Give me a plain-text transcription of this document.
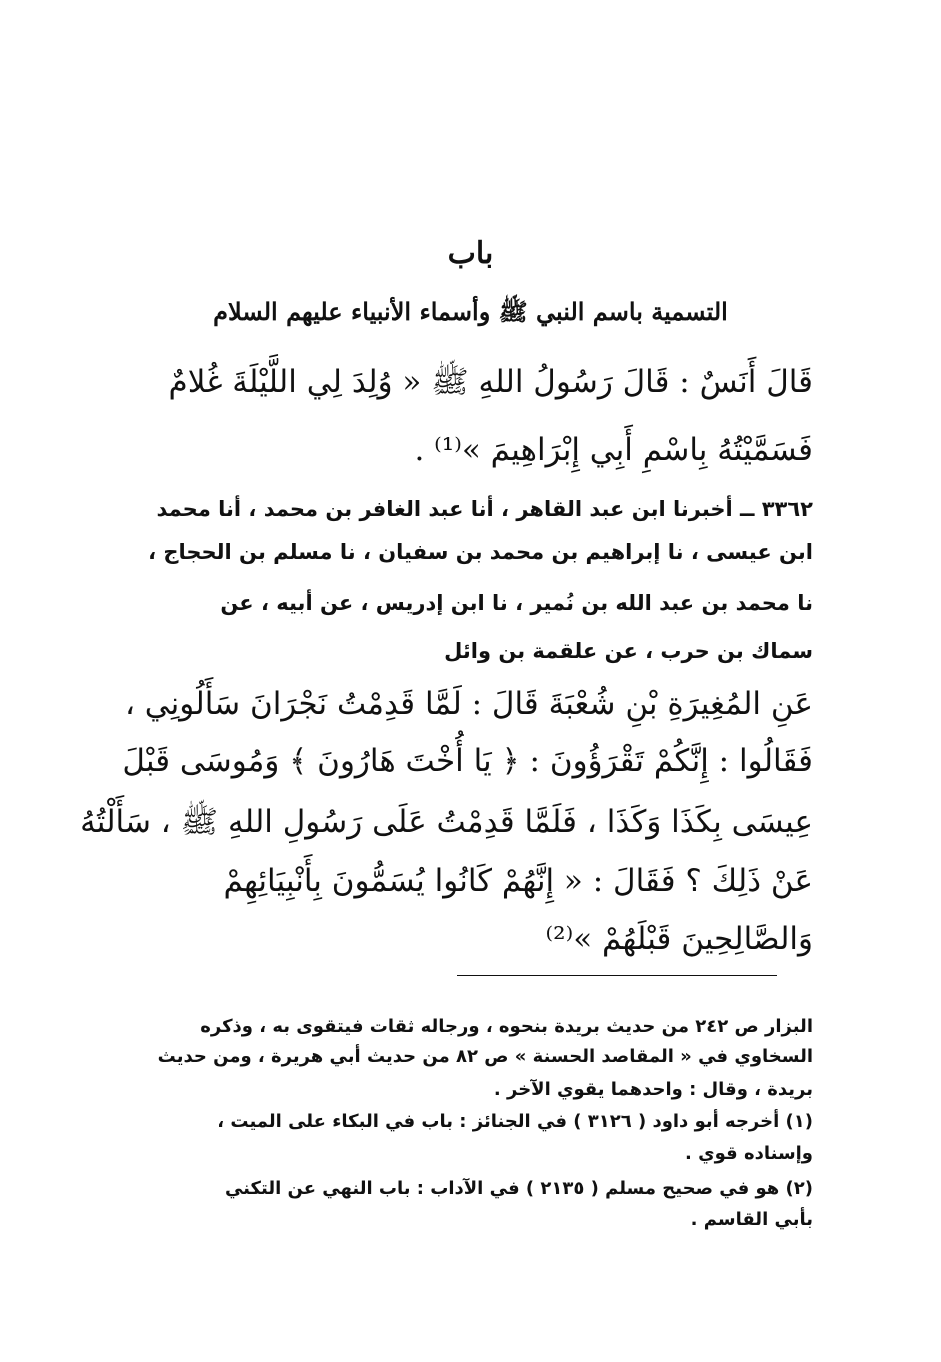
باب
التسمية باسم النبي ﷺ وأسماء الأنبياء عليهم السلام
قَالَ أَنَسٌ : قَالَ رَسُولُ اللهِ ﷺ « وُلِدَ لِي اللَّيْلَةَ غُلامٌ
فَسَمَّيْتُهُ بِاسْمِ أَبِي إِبْرَاهِيمَ »⁽¹⁾ .
٣٣٦٢ ــ أخبرنا ابن عبد القاهر ، أنا عبد الغافر بن محمد ، أنا محمد
ابن عيسى ، نا إبراهيم بن محمد بن سفيان ، نا مسلم بن الحجاج ،
نا محمد بن عبد الله بن نُمير ، نا ابن إدريس ، عن أبيه ، عن
سماك بن حرب ، عن علقمة بن وائل
عَنِ المُغِيرَةِ بْنِ شُعْبَةَ قَالَ : لَمَّا قَدِمْتُ نَجْرَانَ سَأَلُونِي ،
فَقَالُوا : إِنَّكُمْ تَقْرَؤُونَ : ﴿ يَا أُخْتَ هَارُونَ ﴾ وَمُوسَى قَبْلَ
عِيسَى بِكَذَا وَكَذَا ، فَلَمَّا قَدِمْتُ عَلَى رَسُولِ اللهِ ﷺ ، سَأَلْتُهُ
عَنْ ذَلِكَ ؟ فَقَالَ : « إِنَّهُمْ كَانُوا يُسَمُّونَ بِأَنْبِيَائِهِمْ
وَالصَّالِحِينَ قَبْلَهُمْ »⁽²⁾
البزار ص ٢٤٢ من حديث بريدة بنحوه ، ورجاله ثقات فيتقوى به ، وذكره
السخاوي في « المقاصد الحسنة » ص ٨٢ من حديث أبي هريرة ، ومن حديث
بريدة ، وقال : واحدهما يقوي الآخر .
(١) أخرجه أبو داود ( ٣١٢٦ ) في الجنائز : باب في البكاء على الميت ،
وإسناده قوي .
(٢) هو في صحيح مسلم ( ٢١٣٥ ) في الآداب : باب النهي عن التكني
بأبي القاسم .
